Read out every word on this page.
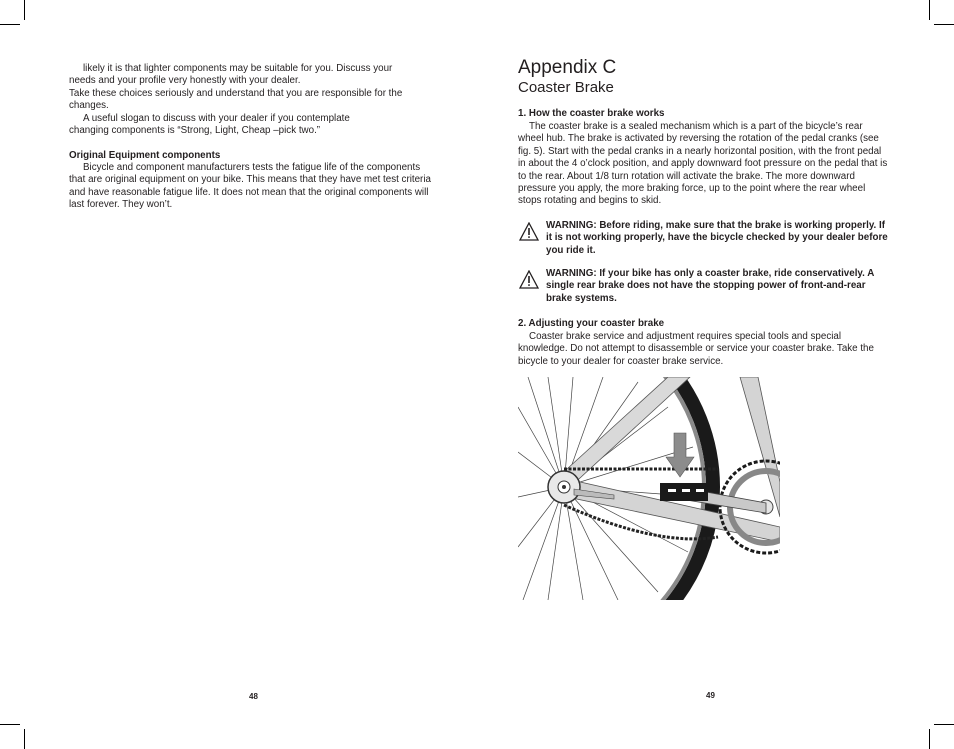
likely it is that lighter components may be suitable for you. Discuss your needs and your profile very honestly with your dealer.

Take these choices seriously and understand that you are responsible for the changes.

A useful slogan to discuss with your dealer if you contemplate changing components is “Strong, Light, Cheap –pick two.”

Original Equipment components

Bicycle and component manufacturers tests the fatigue life of the components that are original equipment on your bike. This means that they have met test criteria and have reasonable fatigue life. It does not mean that the original components will last forever. They won’t.

48
Appendix C
Coaster Brake

1. How the coaster brake works

The coaster brake is a sealed mechanism which is a part of the bicycle’s rear wheel hub. The brake is activated by reversing the rotation of the pedal cranks (see fig. 5). Start with the pedal cranks in a nearly horizontal position, with the front pedal in about the 4 o’clock position, and apply downward foot pressure on the pedal that is to the rear. About 1/8 turn rotation will activate the brake. The more downward pressure you apply, the more braking force, up to the point where the rear wheel stops rotating and begins to skid.

WARNING: Before riding, make sure that the brake is working properly. If it is not working properly, have the bicycle checked by your dealer before you ride it.

WARNING: If your bike has only a coaster brake, ride conservatively. A single rear brake does not have the stopping power of front-and-rear brake systems.

2. Adjusting your coaster brake

Coaster brake service and adjustment requires special tools and special knowledge. Do not attempt to disassemble or service your coaster brake. Take the bicycle to your dealer for coaster brake service.

49
